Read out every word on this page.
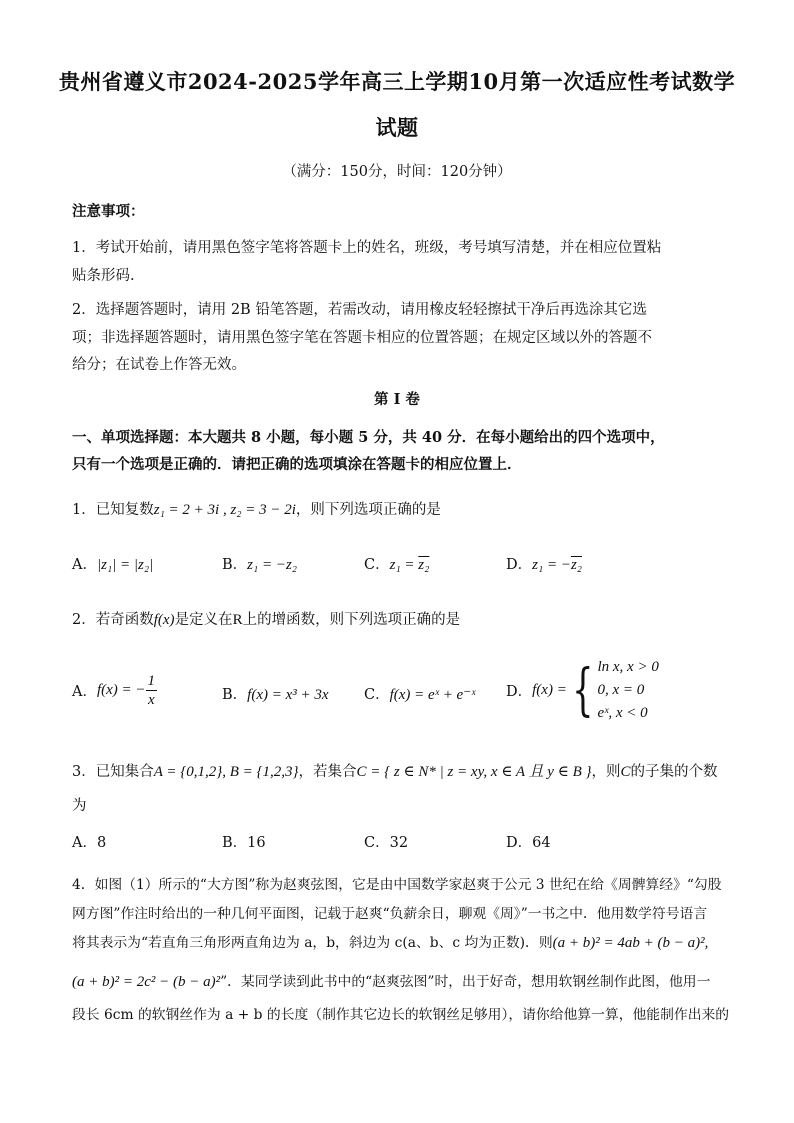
贵州省遵义市2024-2025学年高三上学期10月第一次适应性考试数学
试题
（满分：150分，时间：120分钟）
注意事项：
1．考试开始前，请用黑色签字笔将答题卡上的姓名，班级，考号填写清楚，并在相应位置粘
贴条形码.
2．选择题答题时，请用 2B 铅笔答题，若需改动，请用橡皮轻轻擦拭干净后再选涂其它选
项；非选择题答题时，请用黑色签字笔在答题卡相应的位置答题；在规定区域以外的答题不
给分；在试卷上作答无效。
第 I 卷
一、单项选择题：本大题共 8 小题，每小题 5 分，共 40 分．在每小题给出的四个选项中，
只有一个选项是正确的．请把正确的选项填涂在答题卡的相应位置上．
1．已知复数z₁ = 2 + 3i , z₂ = 3 − 2i，则下列选项正确的是
A．|z₁| = |z₂|	B．z₁ = −z₂	C．z₁ = z₂	D．z₁ = −z₂
2．若奇函数f(x)是定义在R上的增函数，则下列选项正确的是
A． f(x) = − $\frac{1}{x}$	B．f(x) = x³ + 3x C．f(x) = eˣ + e⁻ˣ D． f(x) = { ln x, x > 0
0, x = 0
eˣ, x < 0
3．已知集合A = {0,1,2}, B = {1,2,3}，若集合C = { z ∈ N* | z = xy, x ∈ A 且 y ∈ B }，则C的子集的个数
为
A．8	B．16	C．32	D．64
4．如图（1）所示的“大方图”称为赵爽弦图，它是由中国数学家赵爽于公元 3 世纪在给《周髀算经》“勾股
网方图”作注时给出的一种几何平面图，记载于赵爽“负薪余日，聊观《周》”一书之中．他用数学符号语言
将其表示为“若直角三角形两直角边为 a，b，斜边为 c(a、b、c 均为正数)．则(a + b)² = 4ab + (b − a)²,
(a + b)² = 2c² − (b − a)²”．某同学读到此书中的“赵爽弦图”时，出于好奇，想用软钢丝制作此图，他用一
段长 6cm 的软钢丝作为 a + b 的长度（制作其它边长的软钢丝足够用），请你给他算一算，他能制作出来的
